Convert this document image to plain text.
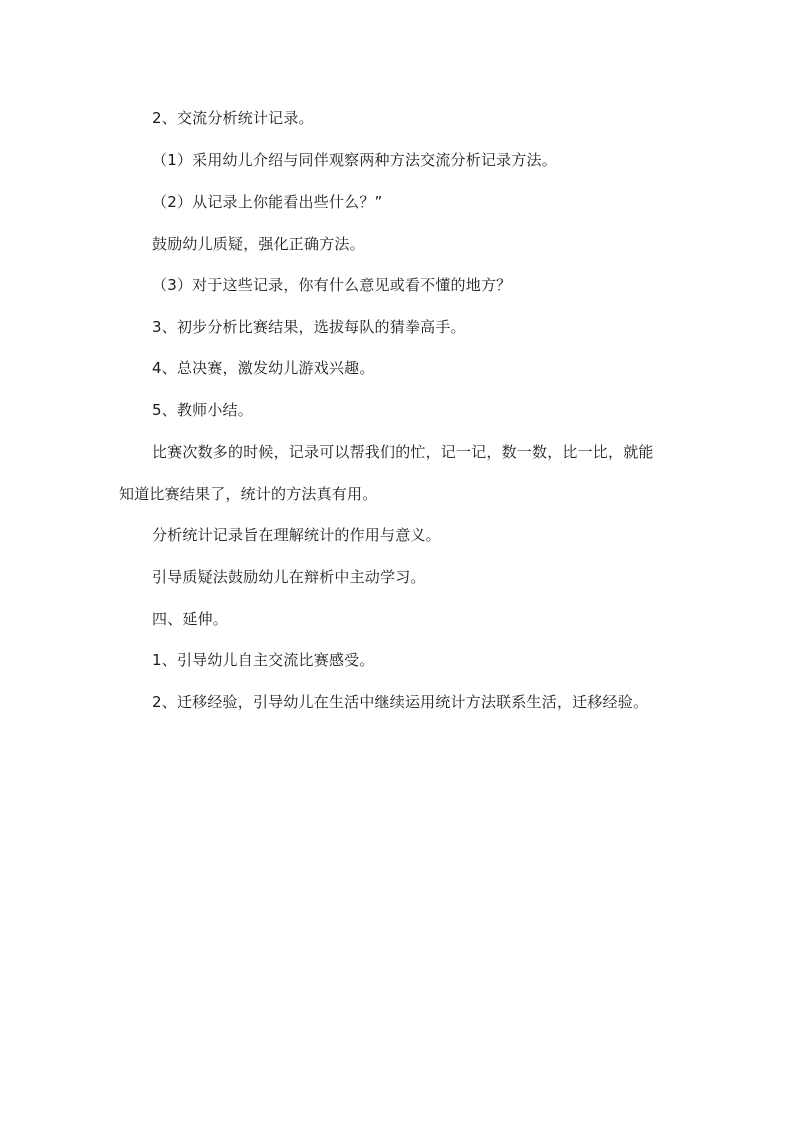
2、交流分析统计记录。
（1）采用幼儿介绍与同伴观察两种方法交流分析记录方法。
（2）从记录上你能看出些什么？”
鼓励幼儿质疑，强化正确方法。
（3）对于这些记录，你有什么意见或看不懂的地方？
3、初步分析比赛结果，选拔每队的猜拳高手。
4、总决赛，激发幼儿游戏兴趣。
5、教师小结。
比赛次数多的时候，记录可以帮我们的忙，记一记，数一数，比一比，就能
知道比赛结果了，统计的方法真有用。
分析统计记录旨在理解统计的作用与意义。
引导质疑法鼓励幼儿在辩析中主动学习。
四、延伸。
1、引导幼儿自主交流比赛感受。
2、迁移经验，引导幼儿在生活中继续运用统计方法联系生活，迁移经验。
